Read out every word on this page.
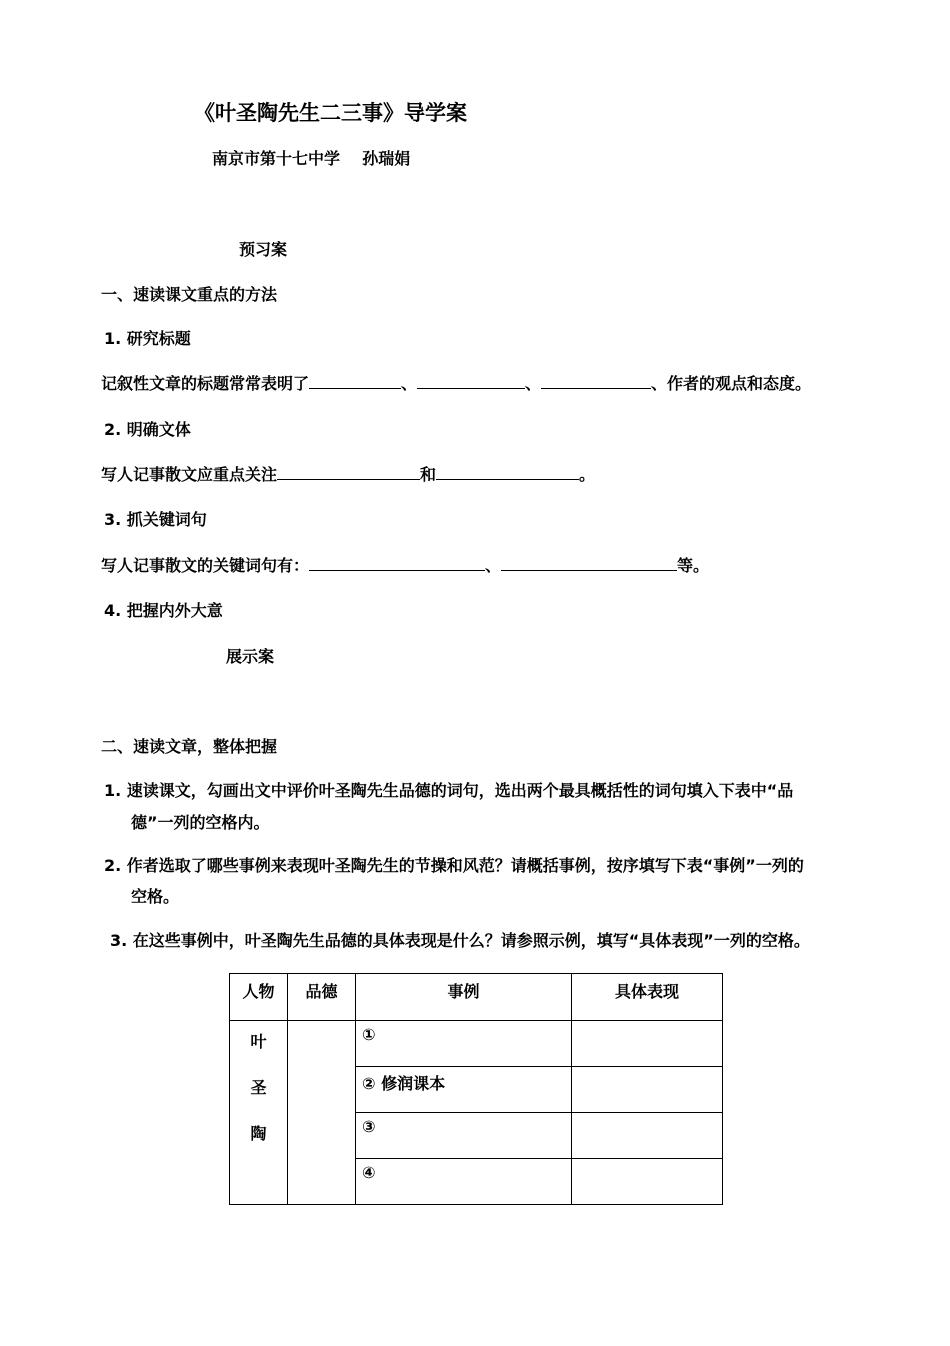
《叶圣陶先生二三事》导学案
南京市第十七中学    孙瑞娟
预习案
一、速读课文重点的方法
1. 研究标题
记叙性文章的标题常常表明了	、	、	、作者的观点和态度。
2. 明确文体
写人记事散文应重点关注	和	。
3. 抓关键词句
写人记事散文的关键词句有：	、	等。
4. 把握内外大意
展示案
二、速读文章，整体把握
1. 速读课文，勾画出文中评价叶圣陶先生品德的词句，选出两个最具概括性的词句填入下表中“品
德”一列的空格内。
2. 作者选取了哪些事例来表现叶圣陶先生的节操和风范？请概括事例，按序填写下表“事例”一列的
空格。
3. 在这些事例中，叶圣陶先生品德的具体表现是什么？请参照示例，填写“具体表现”一列的空格。
人物	品德	事例	具体表现

叶
圣
陶		①	

		② 修润课本	

		③	

		④	
